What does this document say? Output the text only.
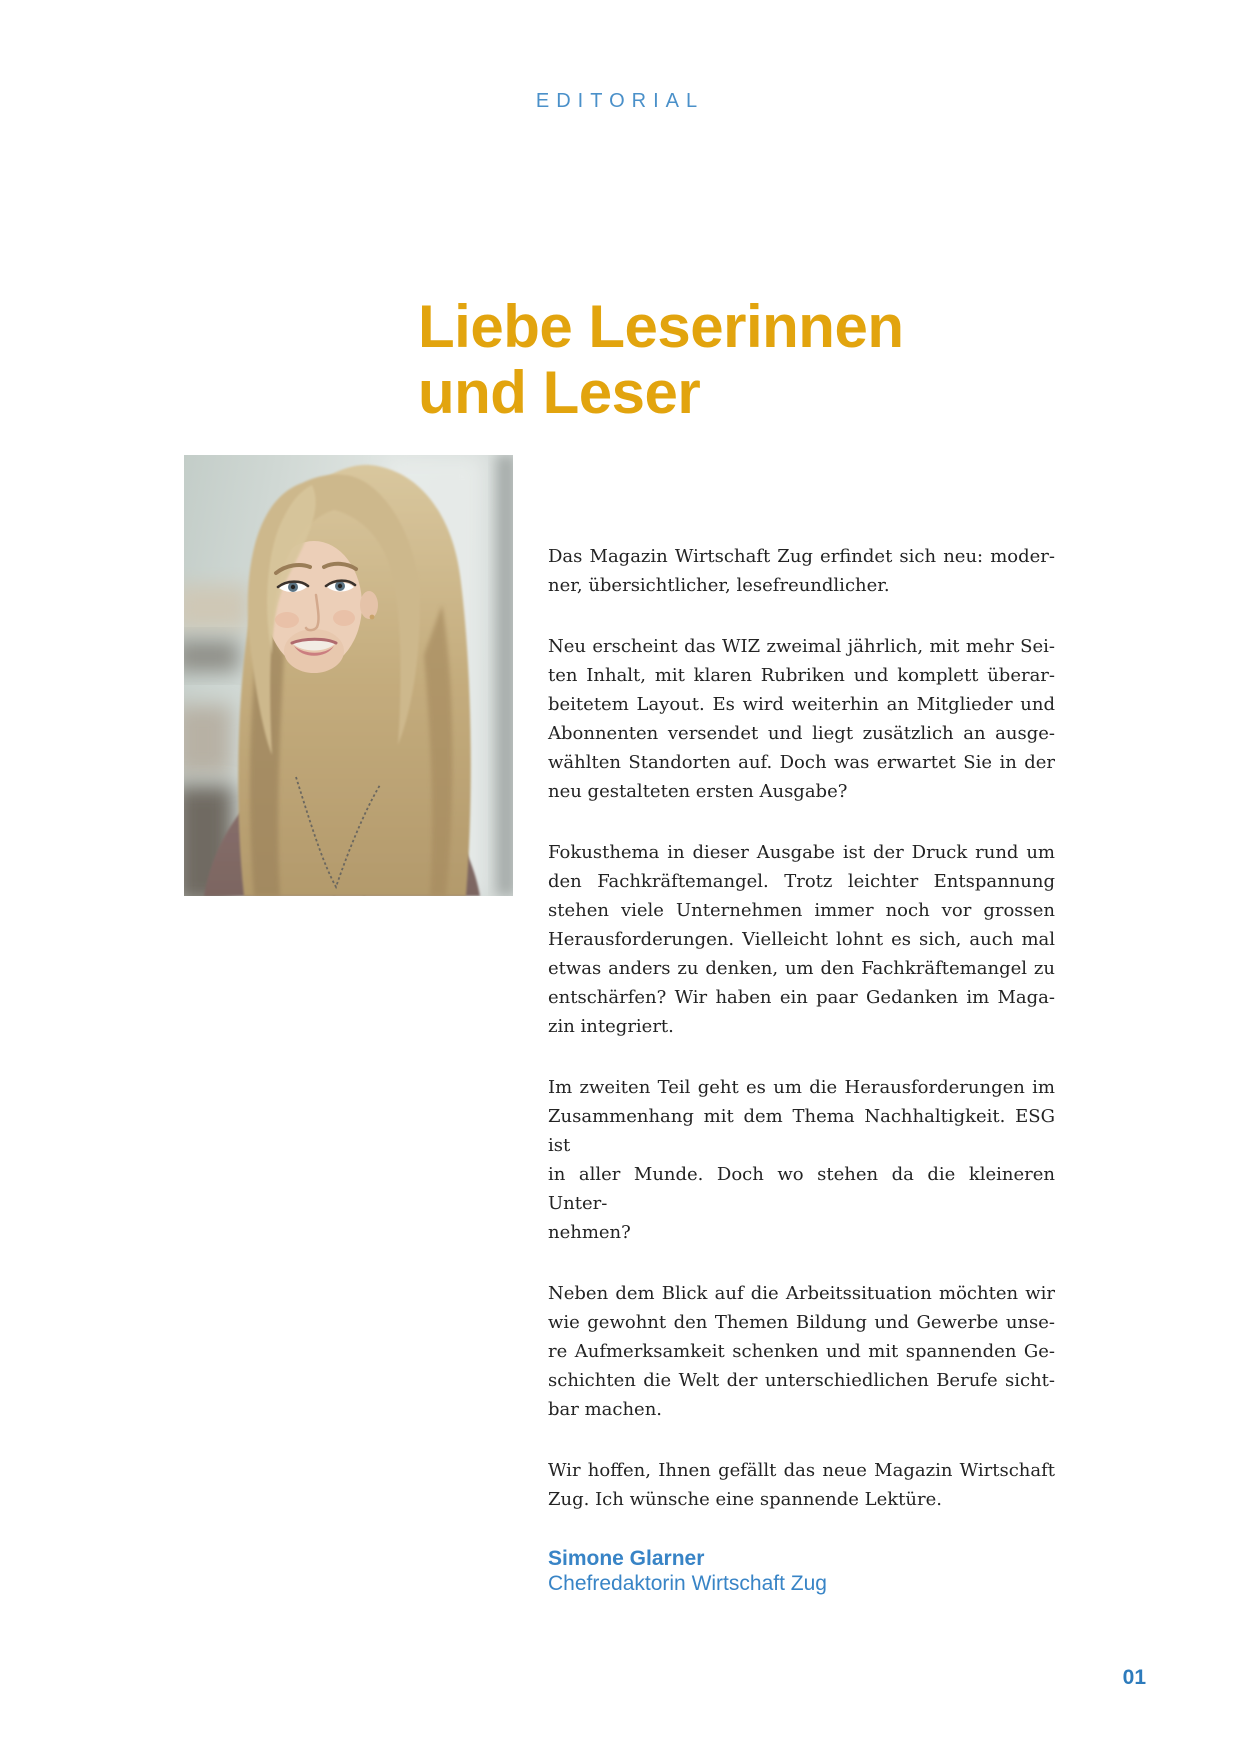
EDITORIAL
Liebe Leserinnen
und Leser

Das Magazin Wirtschaft Zug erfindet sich neu: moder-
ner, übersichtlicher, lesefreundlicher.

Neu erscheint das WIZ zweimal jährlich, mit mehr Sei-
ten Inhalt, mit klaren Rubriken und komplett überar-
beitetem Layout. Es wird weiterhin an Mitglieder und
Abonnenten versendet und liegt zusätzlich an ausge-
wählten Standorten auf. Doch was erwartet Sie in der
neu gestalteten ersten Ausgabe?

Fokusthema in dieser Ausgabe ist der Druck rund um
den Fachkräftemangel. Trotz leichter Entspannung
stehen viele Unternehmen immer noch vor grossen
Herausforderungen. Vielleicht lohnt es sich, auch mal
etwas anders zu denken, um den Fachkräftemangel zu
entschärfen? Wir haben ein paar Gedanken im Maga-
zin integriert.

Im zweiten Teil geht es um die Herausforderungen im
Zusammenhang mit dem Thema Nachhaltigkeit. ESG ist
in aller Munde. Doch wo stehen da die kleineren Unter-
nehmen?

Neben dem Blick auf die Arbeitssituation möchten wir
wie gewohnt den Themen Bildung und Gewerbe unse-
re Aufmerksamkeit schenken und mit spannenden Ge-
schichten die Welt der unterschiedlichen Berufe sicht-
bar machen.

Wir hoffen, Ihnen gefällt das neue Magazin Wirtschaft
Zug. Ich wünsche eine spannende Lektüre.

Simone Glarner
Chefredaktorin Wirtschaft Zug
01
